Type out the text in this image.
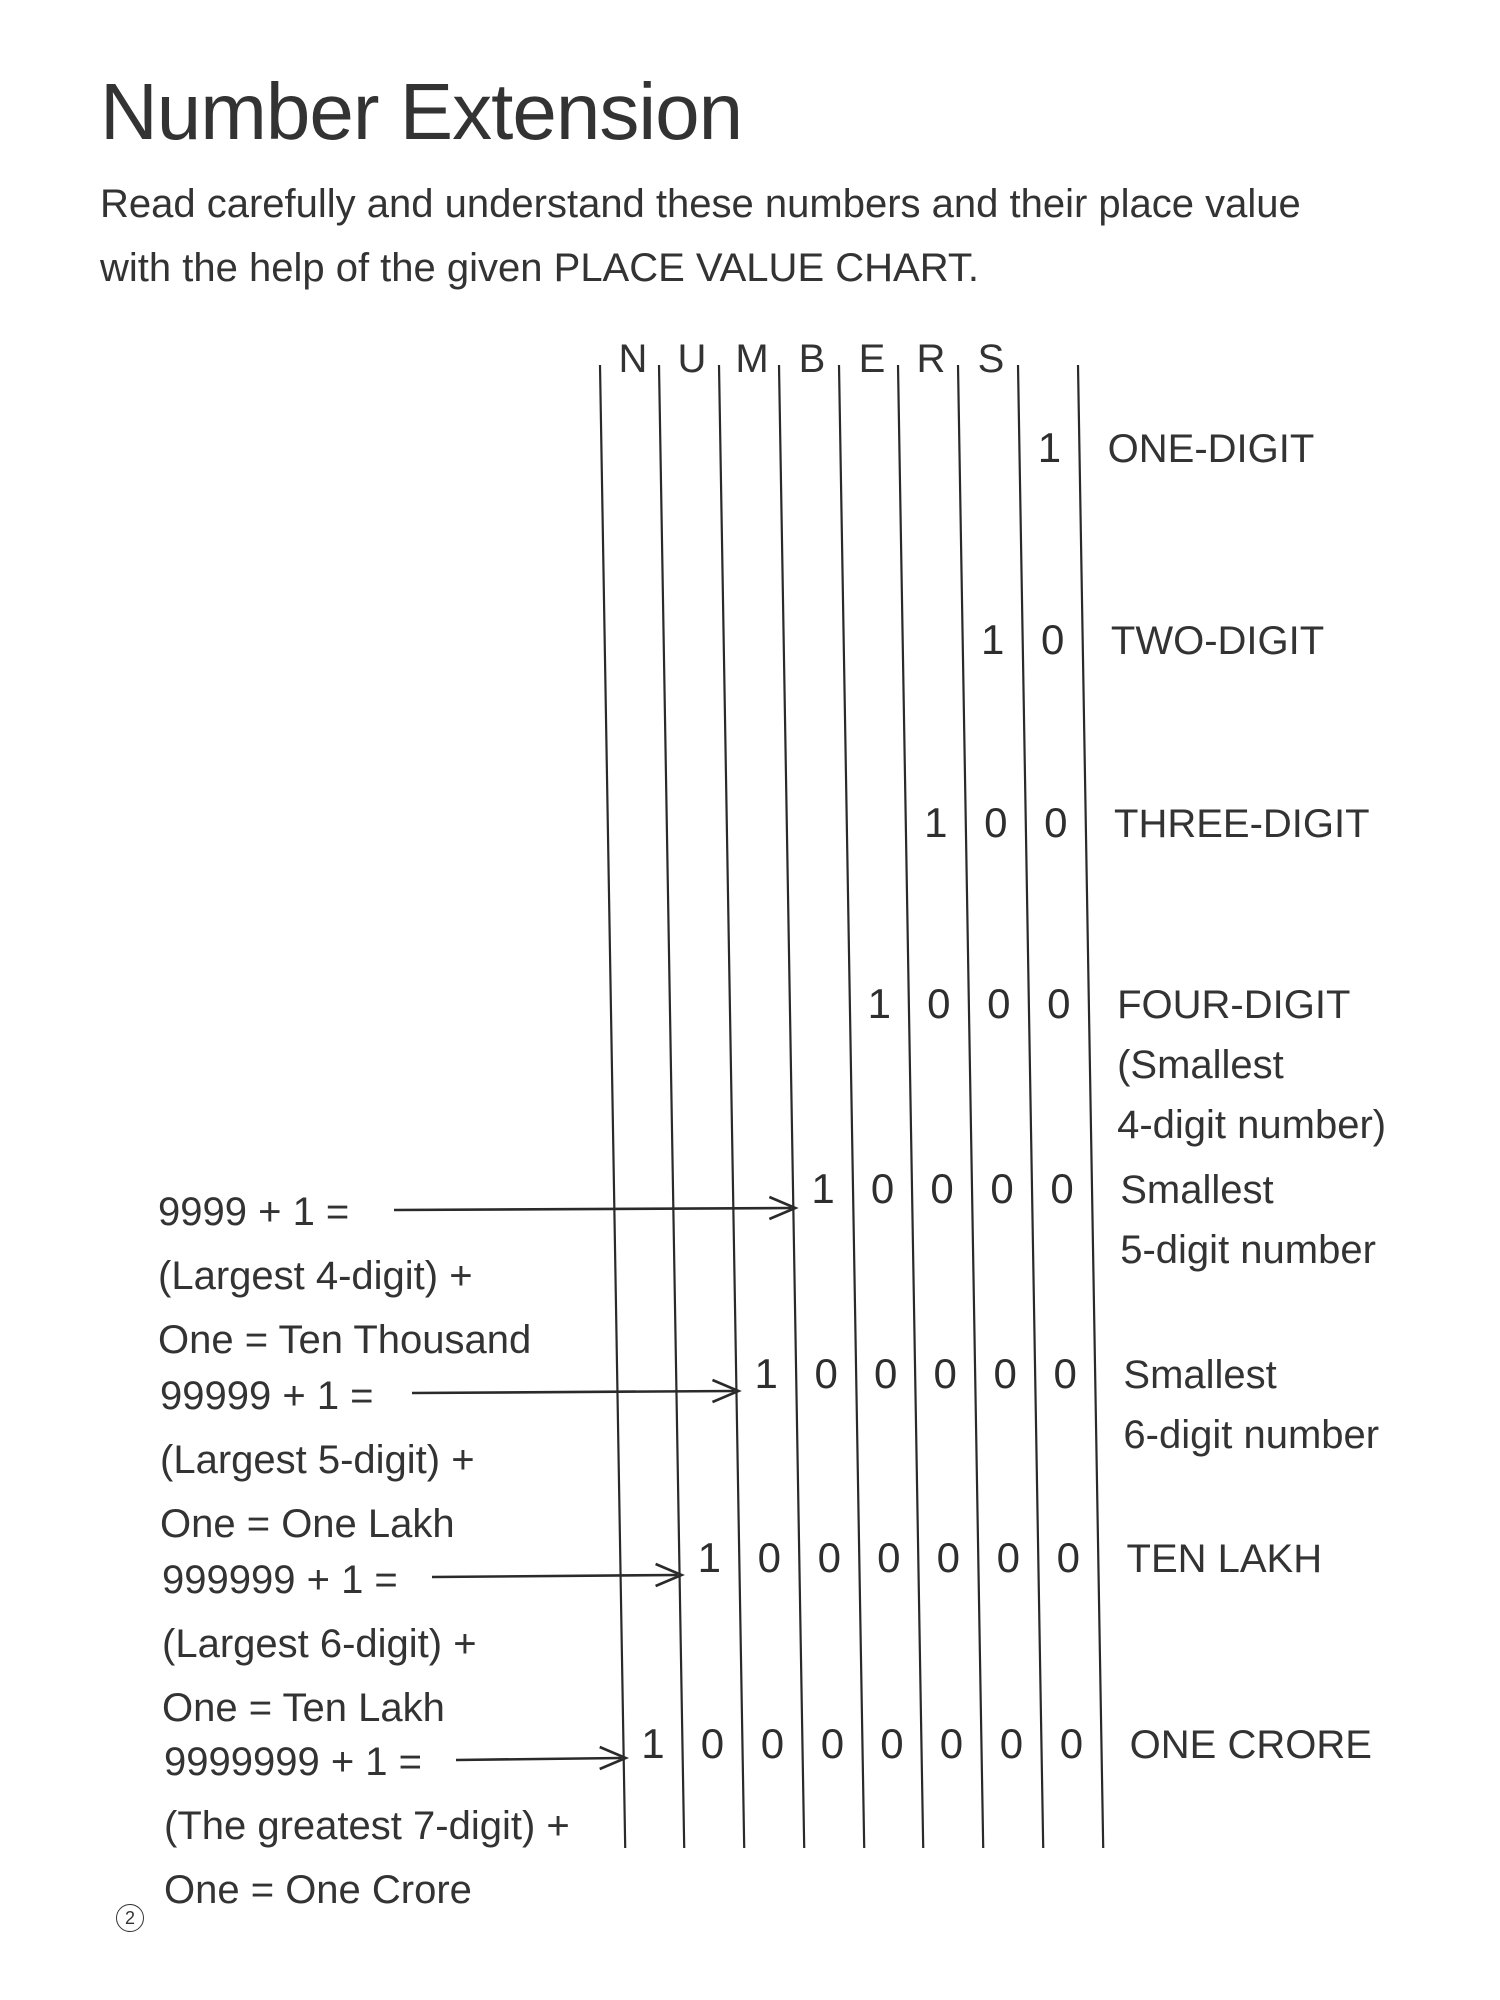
Number Extension
Read carefully and understand these numbers and their place value
with the help of the given PLACE VALUE CHART.
N U M B E R S
1 ONE-DIGIT
1 0 TWO-DIGIT
1 0 0 THREE-DIGIT
1 0 0 0 FOUR-DIGIT
(Smallest
4-digit number)
1 0 0 0 0 Smallest
5-digit number
1 0 0 0 0 0 Smallest
6-digit number
1 0 0 0 0 0 0 TEN LAKH
1 0 0 0 0 0 0 0 ONE CRORE
9999 + 1 =
(Largest 4-digit) +
One = Ten Thousand
99999 + 1 =
(Largest 5-digit) +
One = One Lakh
999999 + 1 =
(Largest 6-digit) +
One = Ten Lakh
9999999 + 1 =
(The greatest 7-digit) +
One = One Crore
2
